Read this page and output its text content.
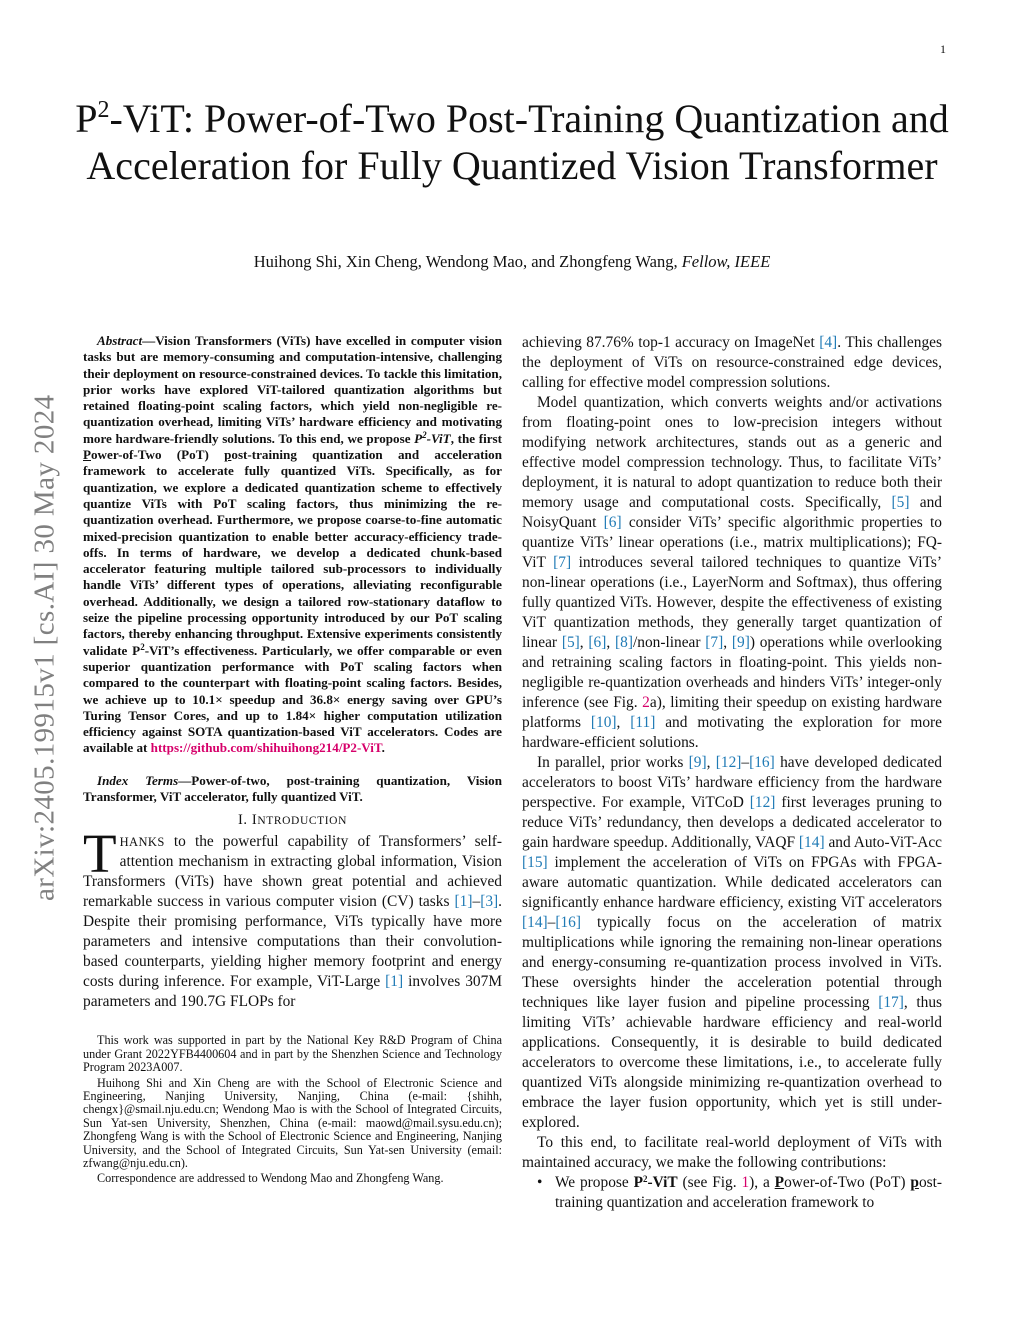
1
arXiv:2405.19915v1 [cs.AI] 30 May 2024
$P^2$-ViT: Power-of-Two Post-Training Quantization and Acceleration for Fully Quantized Vision Transformer
Huihong Shi, Xin Cheng, Wendong Mao, and Zhongfeng Wang, Fellow, IEEE

Abstract—Vision Transformers (ViTs) have excelled in computer vision tasks but are memory-consuming and computation-intensive, challenging their deployment on resource-constrained devices. To tackle this limitation, prior works have explored ViT-tailored quantization algorithms but retained floating-point scaling factors, which yield non-negligible re-quantization overhead, limiting ViTs’ hardware efficiency and motivating more hardware-friendly solutions. To this end, we propose $P^2$-ViT, the first Power-of-Two (PoT) post-training quantization and acceleration framework to accelerate fully quantized ViTs. Specifically, as for quantization, we explore a dedicated quantization scheme to effectively quantize ViTs with PoT scaling factors, thus minimizing the re-quantization overhead. Furthermore, we propose coarse-to-fine automatic mixed-precision quantization to enable better accuracy-efficiency trade-offs. In terms of hardware, we develop a dedicated chunk-based accelerator featuring multiple tailored sub-processors to individually handle ViTs’ different types of operations, alleviating reconfigurable overhead. Additionally, we design a tailored row-stationary dataflow to seize the pipeline processing opportunity introduced by our PoT scaling factors, thereby enhancing throughput. Extensive experiments consistently validate $P^2-ViT’s$ effectiveness. Particularly, we offer comparable or even superior quantization performance with PoT scaling factors when compared to the counterpart with floating-point scaling factors. Besides, we achieve up to 10.1× speedup and 36.8× energy saving over GPU’s Turing Tensor Cores, and up to 1.84× higher computation utilization efficiency against SOTA quantization-based ViT accelerators. Codes are available at https://github.com/shihuihong214/P2-ViT.

Index Terms—Power-of-two, post-training quantization, Vision Transformer, ViT accelerator, fully quantized ViT.

I. INTRODUCTION

THANKS to the powerful capability of Transformers’ self-attention mechanism in extracting global information, Vision Transformers (ViTs) have shown great potential and achieved remarkable success in various computer vision (CV) tasks [1]–[3]. Despite their promising performance, ViTs typically have more parameters and intensive computations than their convolution-based counterparts, yielding higher memory footprint and energy costs during inference. For example, ViT-Large [1] involves 307M parameters and 190.7G FLOPs for

This work was supported in part by the National Key R&D Program of China under Grant 2022YFB4400604 and in part by the Shenzhen Science and Technology Program 2023A007.

Huihong Shi and Xin Cheng are with the School of Electronic Science and Engineering, Nanjing University, Nanjing, China (e-mail: {shihh, chengx}@smail.nju.edu.cn; Wendong Mao is with the School of Integrated Circuits, Sun Yat-sen University, Shenzhen, China (e-mail: maowd@mail.sysu.edu.cn); Zhongfeng Wang is with the School of Electronic Science and Engineering, Nanjing University, and the School of Integrated Circuits, Sun Yat-sen University (email: zfwang@nju.edu.cn).

Correspondence are addressed to Wendong Mao and Zhongfeng Wang.

achieving 87.76% top-1 accuracy on ImageNet [4]. This challenges the deployment of ViTs on resource-constrained edge devices, calling for effective model compression solutions.

Model quantization, which converts weights and/or activations from floating-point ones to low-precision integers without modifying network architectures, stands out as a generic and effective model compression technology. Thus, to facilitate ViTs’ deployment, it is natural to adopt quantization to reduce both their memory usage and computational costs. Specifically, [5] and NoisyQuant [6] consider ViTs’ specific algorithmic properties to quantize ViTs’ linear operations (i.e., matrix multiplications); FQ-ViT [7] introduces several tailored techniques to quantize ViTs’ non-linear operations (i.e., LayerNorm and Softmax), thus offering fully quantized ViTs. However, despite the effectiveness of existing ViT quantization methods, they generally target quantization of linear [5], [6], [8]/non-linear [7], [9]) operations while overlooking and retraining scaling factors in floating-point. This yields non-negligible re-quantization overheads and hinders ViTs’ integer-only inference (see Fig. 2a), limiting their speedup on existing hardware platforms [10], [11] and motivating the exploration for more hardware-efficient solutions.

In parallel, prior works [9], [12]–[16] have developed dedicated accelerators to boost ViTs’ hardware efficiency from the hardware perspective. For example, ViTCoD [12] first leverages pruning to reduce ViTs’ redundancy, then develops a dedicated accelerator to gain hardware speedup. Additionally, VAQF [14] and Auto-ViT-Acc [15] implement the acceleration of ViTs on FPGAs with FPGA-aware automatic quantization. While dedicated accelerators can significantly enhance hardware efficiency, existing ViT accelerators [14]–[16] typically focus on the acceleration of matrix multiplications while ignoring the remaining non-linear operations and energy-consuming re-quantization process involved in ViTs. These oversights hinder the acceleration potential through techniques like layer fusion and pipeline processing [17], thus limiting ViTs’ achievable hardware efficiency and real-world applications. Consequently, it is desirable to build dedicated accelerators to overcome these limitations, i.e., to accelerate fully quantized ViTs alongside minimizing re-quantization overhead to embrace the layer fusion opportunity, which yet is still under-explored.

To this end, to facilitate real-world deployment of ViTs with maintained accuracy, we make the following contributions:

• We propose $P^2$-ViT (see Fig. 1), a Power-of-Two (PoT) post-training quantization and acceleration framework to
